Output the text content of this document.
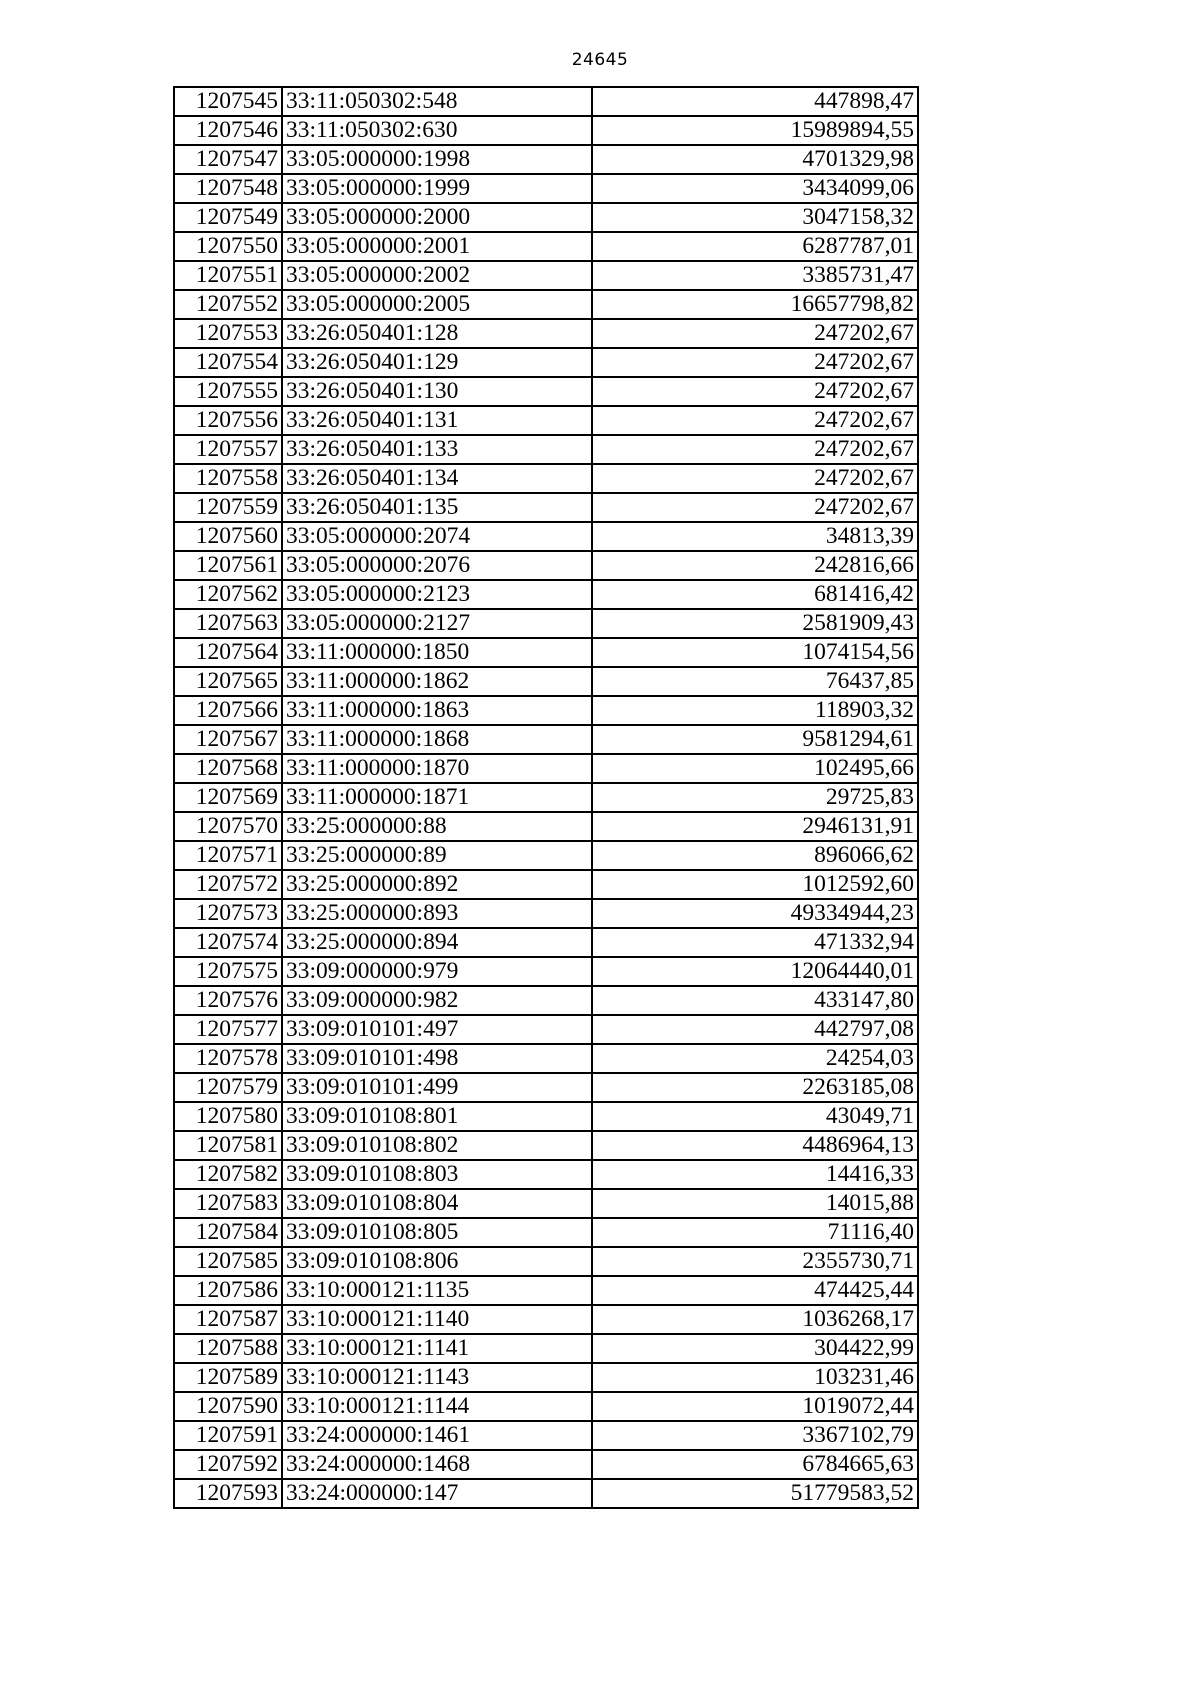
24645
1207545	33:11:050302:548	447898,47
1207546	33:11:050302:630	15989894,55
1207547	33:05:000000:1998	4701329,98
1207548	33:05:000000:1999	3434099,06
1207549	33:05:000000:2000	3047158,32
1207550	33:05:000000:2001	6287787,01
1207551	33:05:000000:2002	3385731,47
1207552	33:05:000000:2005	16657798,82
1207553	33:26:050401:128	247202,67
1207554	33:26:050401:129	247202,67
1207555	33:26:050401:130	247202,67
1207556	33:26:050401:131	247202,67
1207557	33:26:050401:133	247202,67
1207558	33:26:050401:134	247202,67
1207559	33:26:050401:135	247202,67
1207560	33:05:000000:2074	34813,39
1207561	33:05:000000:2076	242816,66
1207562	33:05:000000:2123	681416,42
1207563	33:05:000000:2127	2581909,43
1207564	33:11:000000:1850	1074154,56
1207565	33:11:000000:1862	76437,85
1207566	33:11:000000:1863	118903,32
1207567	33:11:000000:1868	9581294,61
1207568	33:11:000000:1870	102495,66
1207569	33:11:000000:1871	29725,83
1207570	33:25:000000:88	2946131,91
1207571	33:25:000000:89	896066,62
1207572	33:25:000000:892	1012592,60
1207573	33:25:000000:893	49334944,23
1207574	33:25:000000:894	471332,94
1207575	33:09:000000:979	12064440,01
1207576	33:09:000000:982	433147,80
1207577	33:09:010101:497	442797,08
1207578	33:09:010101:498	24254,03
1207579	33:09:010101:499	2263185,08
1207580	33:09:010108:801	43049,71
1207581	33:09:010108:802	4486964,13
1207582	33:09:010108:803	14416,33
1207583	33:09:010108:804	14015,88
1207584	33:09:010108:805	71116,40
1207585	33:09:010108:806	2355730,71
1207586	33:10:000121:1135	474425,44
1207587	33:10:000121:1140	1036268,17
1207588	33:10:000121:1141	304422,99
1207589	33:10:000121:1143	103231,46
1207590	33:10:000121:1144	1019072,44
1207591	33:24:000000:1461	3367102,79
1207592	33:24:000000:1468	6784665,63
1207593	33:24:000000:147	51779583,52
